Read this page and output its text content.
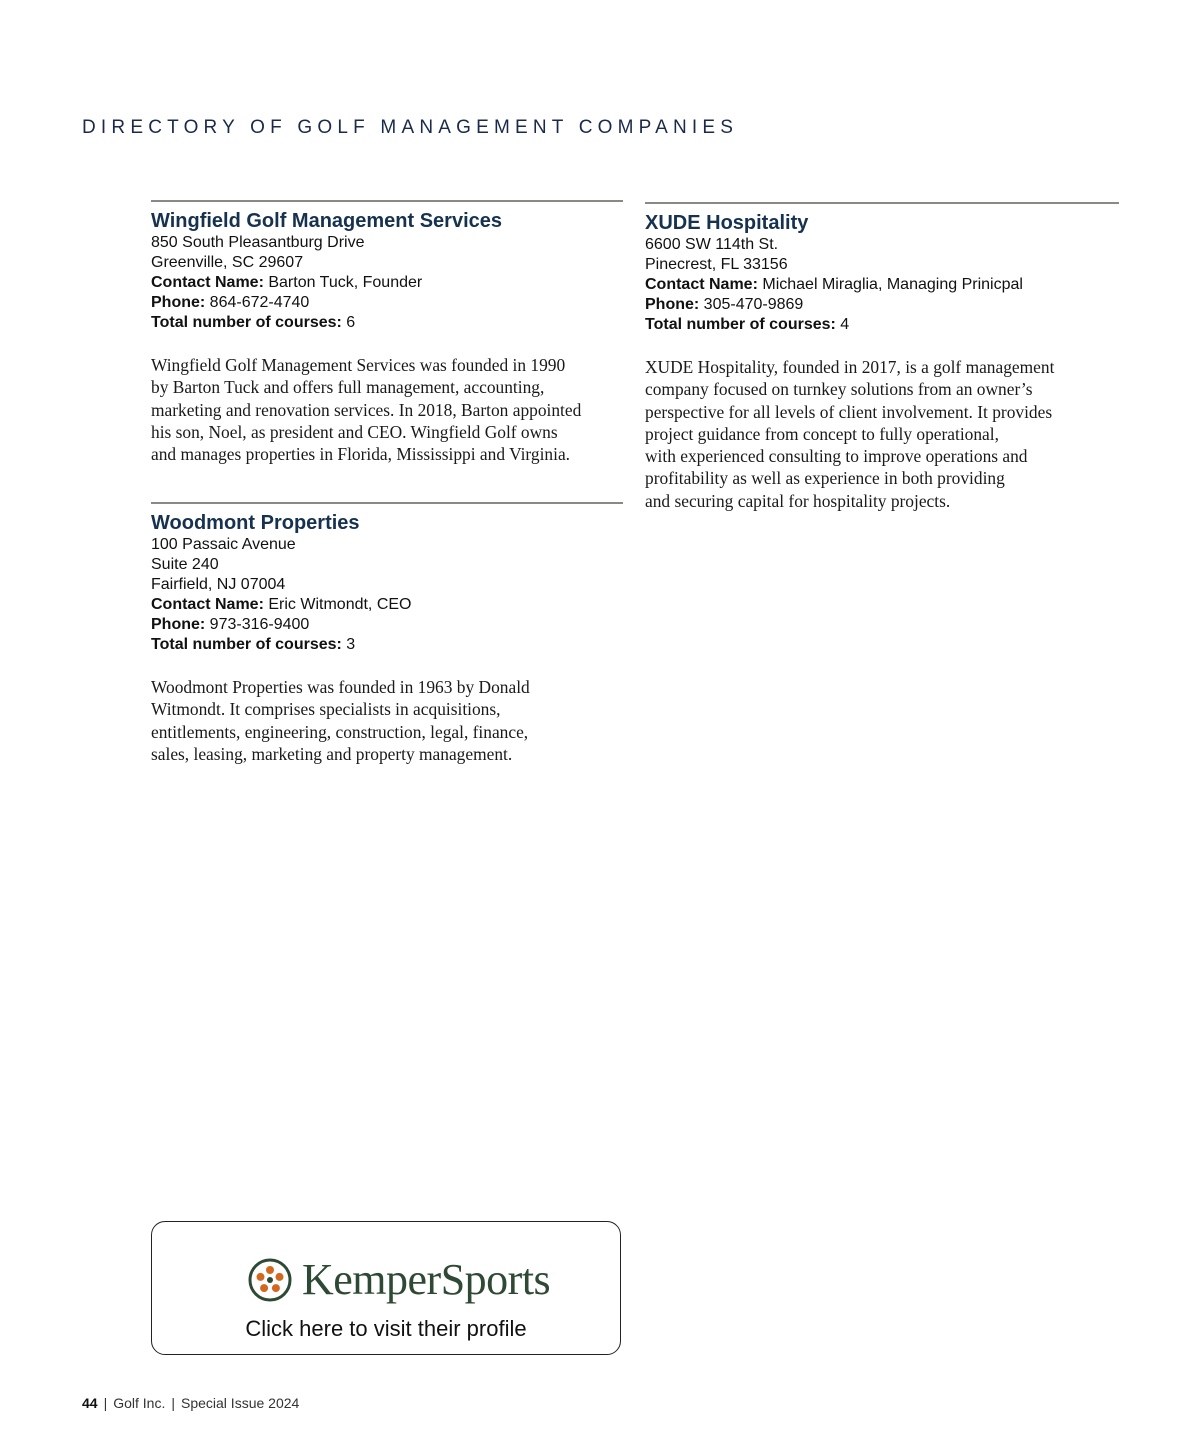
DIRECTORY OF GOLF MANAGEMENT COMPANIES
Wingfield Golf Management Services
850 South Pleasantburg Drive
Greenville, SC 29607
Contact Name: Barton Tuck, Founder
Phone: 864-672-4740
Total number of courses: 6
Wingfield Golf Management Services was founded in 1990
by Barton Tuck and offers full management, accounting,
marketing and renovation services. In 2018, Barton appointed
his son, Noel, as president and CEO. Wingfield Golf owns
and manages properties in Florida, Mississippi and Virginia.
Woodmont Properties
100 Passaic Avenue
Suite 240
Fairfield, NJ 07004
Contact Name: Eric Witmondt, CEO
Phone: 973-316-9400
Total number of courses: 3
Woodmont Properties was founded in 1963 by Donald
Witmondt. It comprises specialists in acquisitions,
entitlements, engineering, construction, legal, finance,
sales, leasing, marketing and property management.
XUDE Hospitality
6600 SW 114th St.
Pinecrest, FL 33156
Contact Name: Michael Miraglia, Managing Prinicpal
Phone: 305-470-9869
Total number of courses: 4
XUDE Hospitality, founded in 2017, is a golf management
company focused on turnkey solutions from an owner’s
perspective for all levels of client involvement. It provides
project guidance from concept to fully operational,
with experienced consulting to improve operations and
profitability as well as experience in both providing
and securing capital for hospitality projects.
KemperSports
Click here to visit their profile
44 | Golf Inc. | Special Issue 2024
